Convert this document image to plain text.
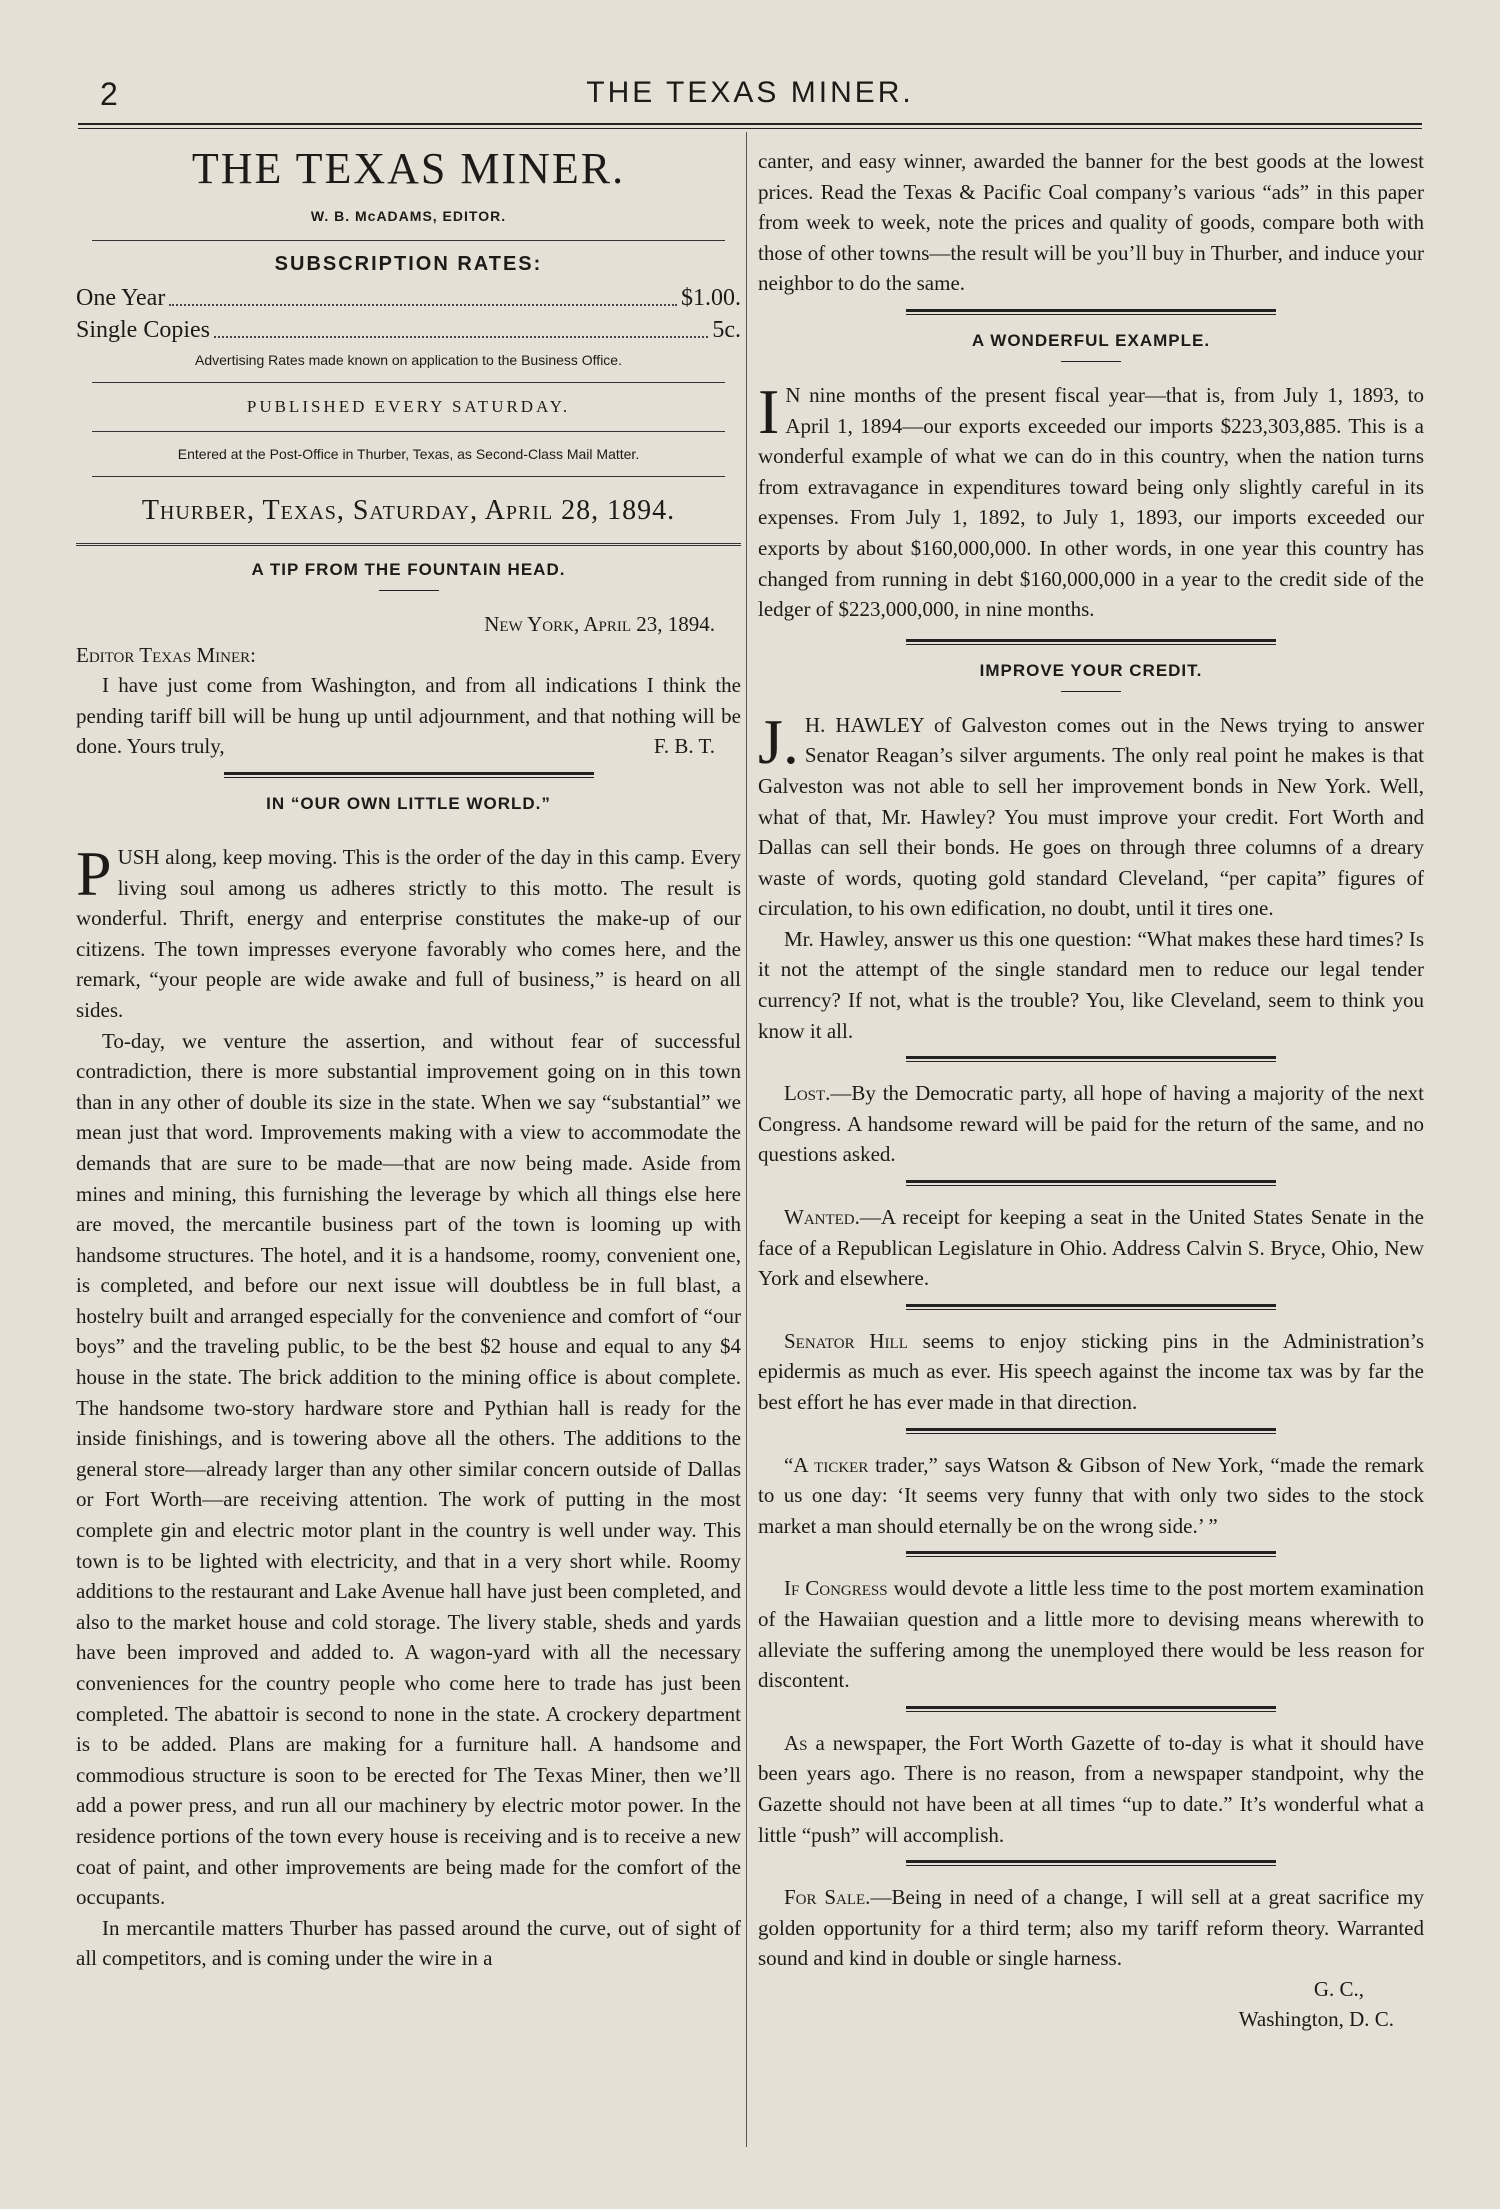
2	THE TEXAS MINER.
THE TEXAS MINER.
W. B. McADAMS, EDITOR.
SUBSCRIPTION RATES:
One Year	$1.00.
Single Copies	5c.
Advertising Rates made known on application to the Business Office.
PUBLISHED EVERY SATURDAY.
Entered at the Post-Office in Thurber, Texas, as Second-Class Mail Matter.
Thurber, Texas, Saturday, April 28, 1894.
A TIP FROM THE FOUNTAIN HEAD.

New York, April 23, 1894.

Editor Texas Miner:

I have just come from Washington, and from all indications I think the pending tariff bill will be hung up until adjournment, and that nothing will be done. Yours truly,	F. B. T.

IN “OUR OWN LITTLE WORLD.”

PUSH along, keep moving. This is the order of the day in this camp. Every living soul among us adheres strictly to this motto. The result is wonderful. Thrift, energy and enterprise constitutes the make-up of our citizens. The town impresses everyone favorably who comes here, and the remark, “your people are wide awake and full of business,” is heard on all sides.

To-day, we venture the assertion, and without fear of successful contradiction, there is more substantial improvement going on in this town than in any other of double its size in the state. When we say “substantial” we mean just that word. Improvements making with a view to accommodate the demands that are sure to be made—that are now being made. Aside from mines and mining, this furnishing the leverage by which all things else here are moved, the mercantile business part of the town is looming up with handsome structures. The hotel, and it is a handsome, roomy, convenient one, is completed, and before our next issue will doubtless be in full blast, a hostelry built and arranged especially for the convenience and comfort of “our boys” and the traveling public, to be the best $2 house and equal to any $4 house in the state. The brick addition to the mining office is about complete. The handsome two-story hardware store and Pythian hall is ready for the inside finishings, and is towering above all the others. The additions to the general store—already larger than any other similar concern outside of Dallas or Fort Worth—are receiving attention. The work of putting in the most complete gin and electric motor plant in the country is well under way. This town is to be lighted with electricity, and that in a very short while. Roomy additions to the restaurant and Lake Avenue hall have just been completed, and also to the market house and cold storage. The livery stable, sheds and yards have been improved and added to. A wagon-yard with all the necessary conveniences for the country people who come here to trade has just been completed. The abattoir is second to none in the state. A crockery department is to be added. Plans are making for a furniture hall. A handsome and commodious structure is soon to be erected for The Texas Miner, then we’ll add a power press, and run all our machinery by electric motor power. In the residence portions of the town every house is receiving and is to receive a new coat of paint, and other improvements are being made for the comfort of the occupants.

In mercantile matters Thurber has passed around the curve, out of sight of all competitors, and is coming under the wire in a

canter, and easy winner, awarded the banner for the best goods at the lowest prices. Read the Texas & Pacific Coal company’s various “ads” in this paper from week to week, note the prices and quality of goods, compare both with those of other towns—the result will be you’ll buy in Thurber, and induce your neighbor to do the same.

A WONDERFUL EXAMPLE.

I N nine months of the present fiscal year—that is, from July 1, 1893, to April 1, 1894—our exports exceeded our imports $223,303,885. This is a wonderful example of what we can do in this country, when the nation turns from extravagance in expenditures toward being only slightly careful in its expenses. From July 1, 1892, to July 1, 1893, our imports exceeded our exports by about $160,000,000. In other words, in one year this country has changed from running in debt $160,000,000 in a year to the credit side of the ledger of $223,000,000, in nine months.

IMPROVE YOUR CREDIT.

J. H. HAWLEY of Galveston comes out in the News trying to answer Senator Reagan’s silver arguments. The only real point he makes is that Galveston was not able to sell her improvement bonds in New York. Well, what of that, Mr. Hawley? You must improve your credit. Fort Worth and Dallas can sell their bonds. He goes on through three columns of a dreary waste of words, quoting gold standard Cleveland, “per capita” figures of circulation, to his own edification, no doubt, until it tires one.

Mr. Hawley, answer us this one question: “What makes these hard times? Is it not the attempt of the single standard men to reduce our legal tender currency? If not, what is the trouble? You, like Cleveland, seem to think you know it all.

Lost.—By the Democratic party, all hope of having a majority of the next Congress. A handsome reward will be paid for the return of the same, and no questions asked.

Wanted.—A receipt for keeping a seat in the United States Senate in the face of a Republican Legislature in Ohio. Address Calvin S. Bryce, Ohio, New York and elsewhere.

Senator Hill seems to enjoy sticking pins in the Administration’s epidermis as much as ever. His speech against the income tax was by far the best effort he has ever made in that direction.

“A ticker trader,” says Watson & Gibson of New York, “made the remark to us one day: ‘It seems very funny that with only two sides to the stock market a man should eternally be on the wrong side.’ ”

If Congress would devote a little less time to the post mortem examination of the Hawaiian question and a little more to devising means wherewith to alleviate the suffering among the unemployed there would be less reason for discontent.

As a newspaper, the Fort Worth Gazette of to-day is what it should have been years ago. There is no reason, from a newspaper standpoint, why the Gazette should not have been at all times “up to date.” It’s wonderful what a little “push” will accomplish.

For Sale.—Being in need of a change, I will sell at a great sacrifice my golden opportunity for a third term; also my tariff reform theory. Warranted sound and kind in double or single harness.

G. C.,
Washington, D. C.
